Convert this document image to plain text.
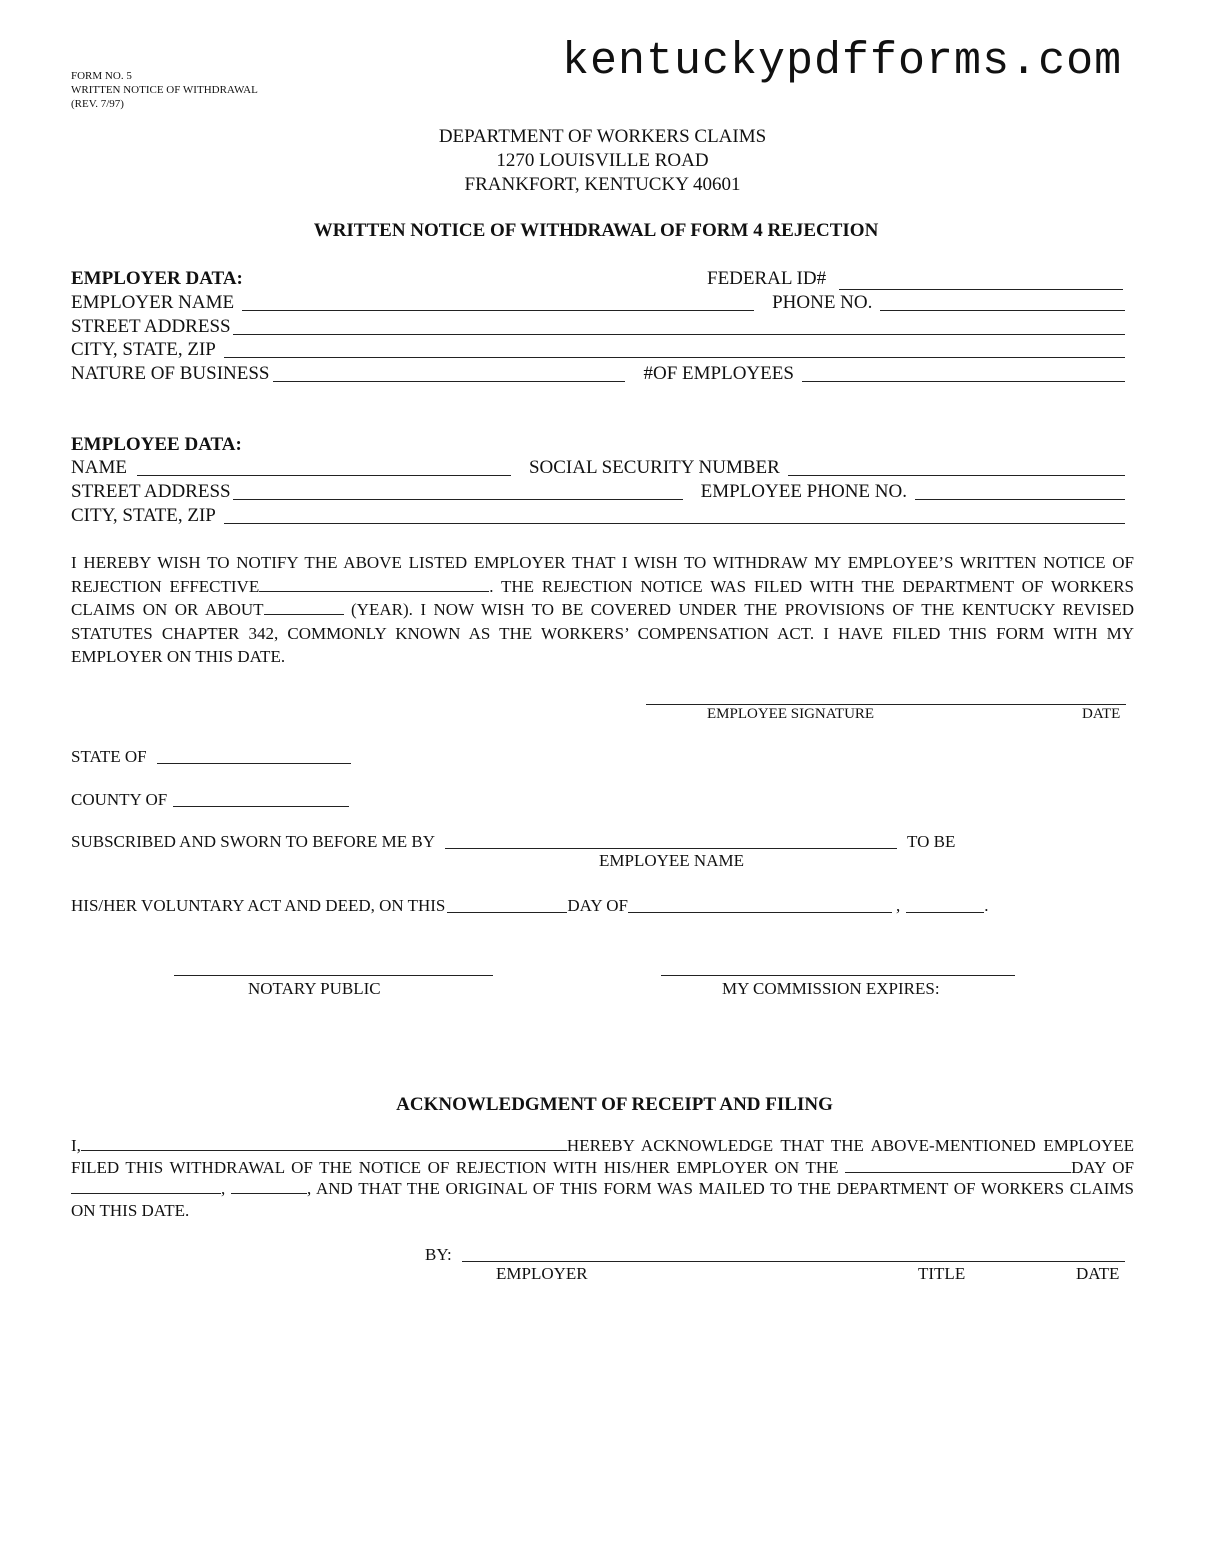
FORM NO. 5
WRITTEN NOTICE OF WITHDRAWAL
(REV. 7/97)
kentuckypdfforms.com
DEPARTMENT OF WORKERS CLAIMS
1270 LOUISVILLE ROAD
FRANKFORT, KENTUCKY 40601
WRITTEN NOTICE OF WITHDRAWAL OF FORM 4 REJECTION
EMPLOYER DATA:	FEDERAL ID#
EMPLOYER NAME	PHONE NO.
STREET ADDRESS
CITY, STATE, ZIP
NATURE OF BUSINESS	#OF EMPLOYEES
EMPLOYEE DATA:
NAME	SOCIAL SECURITY NUMBER
STREET ADDRESS	EMPLOYEE PHONE NO.
CITY, STATE, ZIP
I HEREBY WISH TO NOTIFY THE ABOVE LISTED EMPLOYER THAT I WISH TO WITHDRAW MY EMPLOYEE’S WRITTEN NOTICE OF REJECTION EFFECTIVE	. THE REJECTION NOTICE WAS FILED WITH THE DEPARTMENT OF WORKERS CLAIMS ON OR ABOUT	(YEAR). I NOW WISH TO BE COVERED UNDER THE PROVISIONS OF THE KENTUCKY REVISED STATUTES CHAPTER 342, COMMONLY KNOWN AS THE WORKERS’ COMPENSATION ACT. I HAVE FILED THIS FORM WITH MY EMPLOYER ON THIS DATE.
EMPLOYEE SIGNATURE	DATE
STATE OF
COUNTY OF
SUBSCRIBED AND SWORN TO BEFORE ME BY	TO BE
EMPLOYEE NAME
HIS/HER VOLUNTARY ACT AND DEED, ON THIS	DAY OF	,	.
NOTARY PUBLIC	MY COMMISSION EXPIRES:
ACKNOWLEDGMENT OF RECEIPT AND FILING
I,	HEREBY ACKNOWLEDGE THAT THE ABOVE-MENTIONED EMPLOYEE FILED THIS WITHDRAWAL OF THE NOTICE OF REJECTION WITH HIS/HER EMPLOYER ON THE	DAY OF ,	, AND THAT THE ORIGINAL OF THIS FORM WAS MAILED TO THE DEPARTMENT OF WORKERS CLAIMS ON THIS DATE.
BY:
EMPLOYER	TITLE	DATE
